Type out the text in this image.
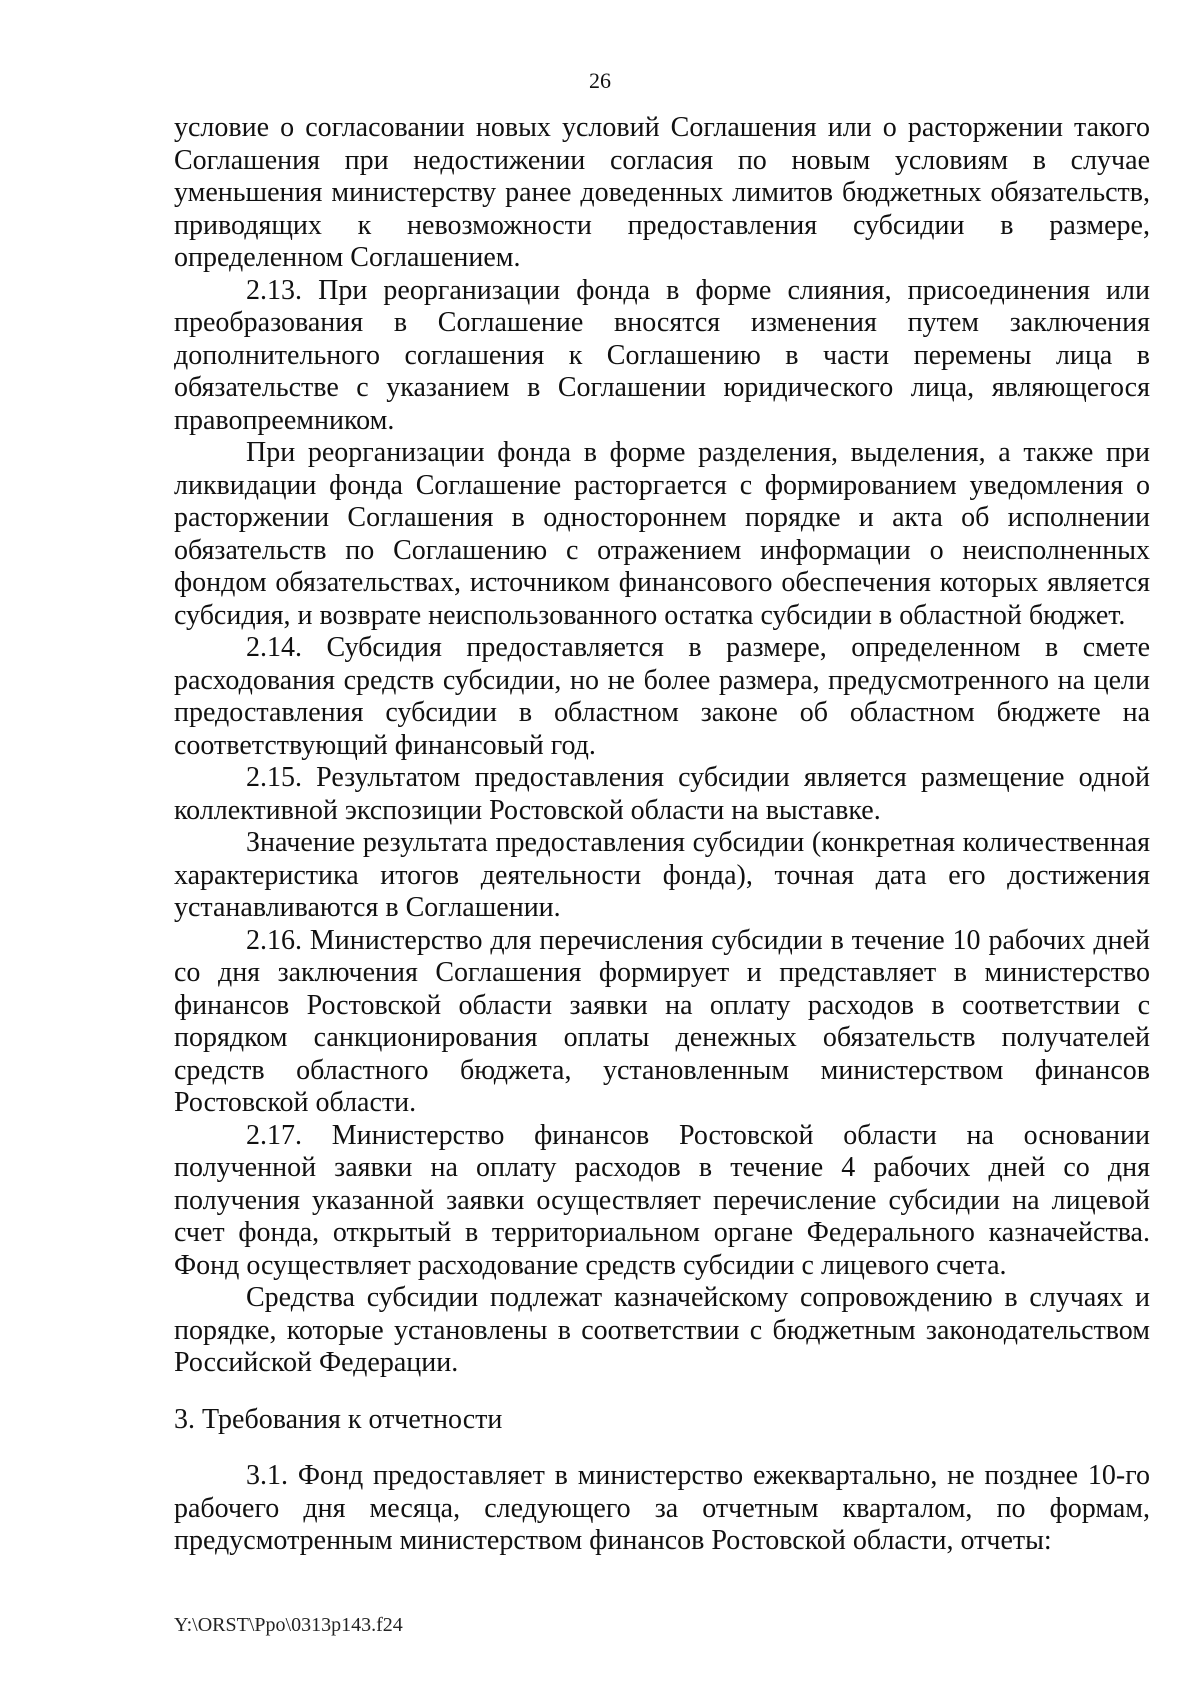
26

условие о согласовании новых условий Соглашения или о расторжении такого Соглашения при недостижении согласия по новым условиям в случае уменьшения министерству ранее доведенных лимитов бюджетных обязательств, приводящих к невозможности предоставления субсидии в размере, определенном Соглашением.

2.13. При реорганизации фонда в форме слияния, присоединения или преобразования в Соглашение вносятся изменения путем заключения дополнительного соглашения к Соглашению в части перемены лица в обязательстве с указанием в Соглашении юридического лица, являющегося правопреемником.

При реорганизации фонда в форме разделения, выделения, а также при ликвидации фонда Соглашение расторгается с формированием уведомления о расторжении Соглашения в одностороннем порядке и акта об исполнении обязательств по Соглашению с отражением информации о неисполненных фондом обязательствах, источником финансового обеспечения которых является субсидия, и возврате неиспользованного остатка субсидии в областной бюджет.

2.14. Субсидия предоставляется в размере, определенном в смете расходования средств субсидии, но не более размера, предусмотренного на цели предоставления субсидии в областном законе об областном бюджете на соответствующий финансовый год.

2.15. Результатом предоставления субсидии является размещение одной коллективной экспозиции Ростовской области на выставке.

Значение результата предоставления субсидии (конкретная количественная характеристика итогов деятельности фонда), точная дата его достижения устанавливаются в Соглашении.

2.16. Министерство для перечисления субсидии в течение 10 рабочих дней со дня заключения Соглашения формирует и представляет в министерство финансов Ростовской области заявки на оплату расходов в соответствии с порядком санкционирования оплаты денежных обязательств получателей средств областного бюджета, установленным министерством финансов Ростовской области.

2.17. Министерство финансов Ростовской области на основании полученной заявки на оплату расходов в течение 4 рабочих дней со дня получения указанной заявки осуществляет перечисление субсидии на лицевой счет фонда, открытый в территориальном органе Федерального казначейства. Фонд осуществляет расходование средств субсидии с лицевого счета.

Средства субсидии подлежат казначейскому сопровождению в случаях и порядке, которые установлены в соответствии с бюджетным законодательством Российской Федерации.

3. Требования к отчетности

3.1. Фонд предоставляет в министерство ежеквартально, не позднее 10-го рабочего дня месяца, следующего за отчетным кварталом, по формам, предусмотренным министерством финансов Ростовской области, отчеты:

Y:\ORST\Ppo\0313p143.f24
